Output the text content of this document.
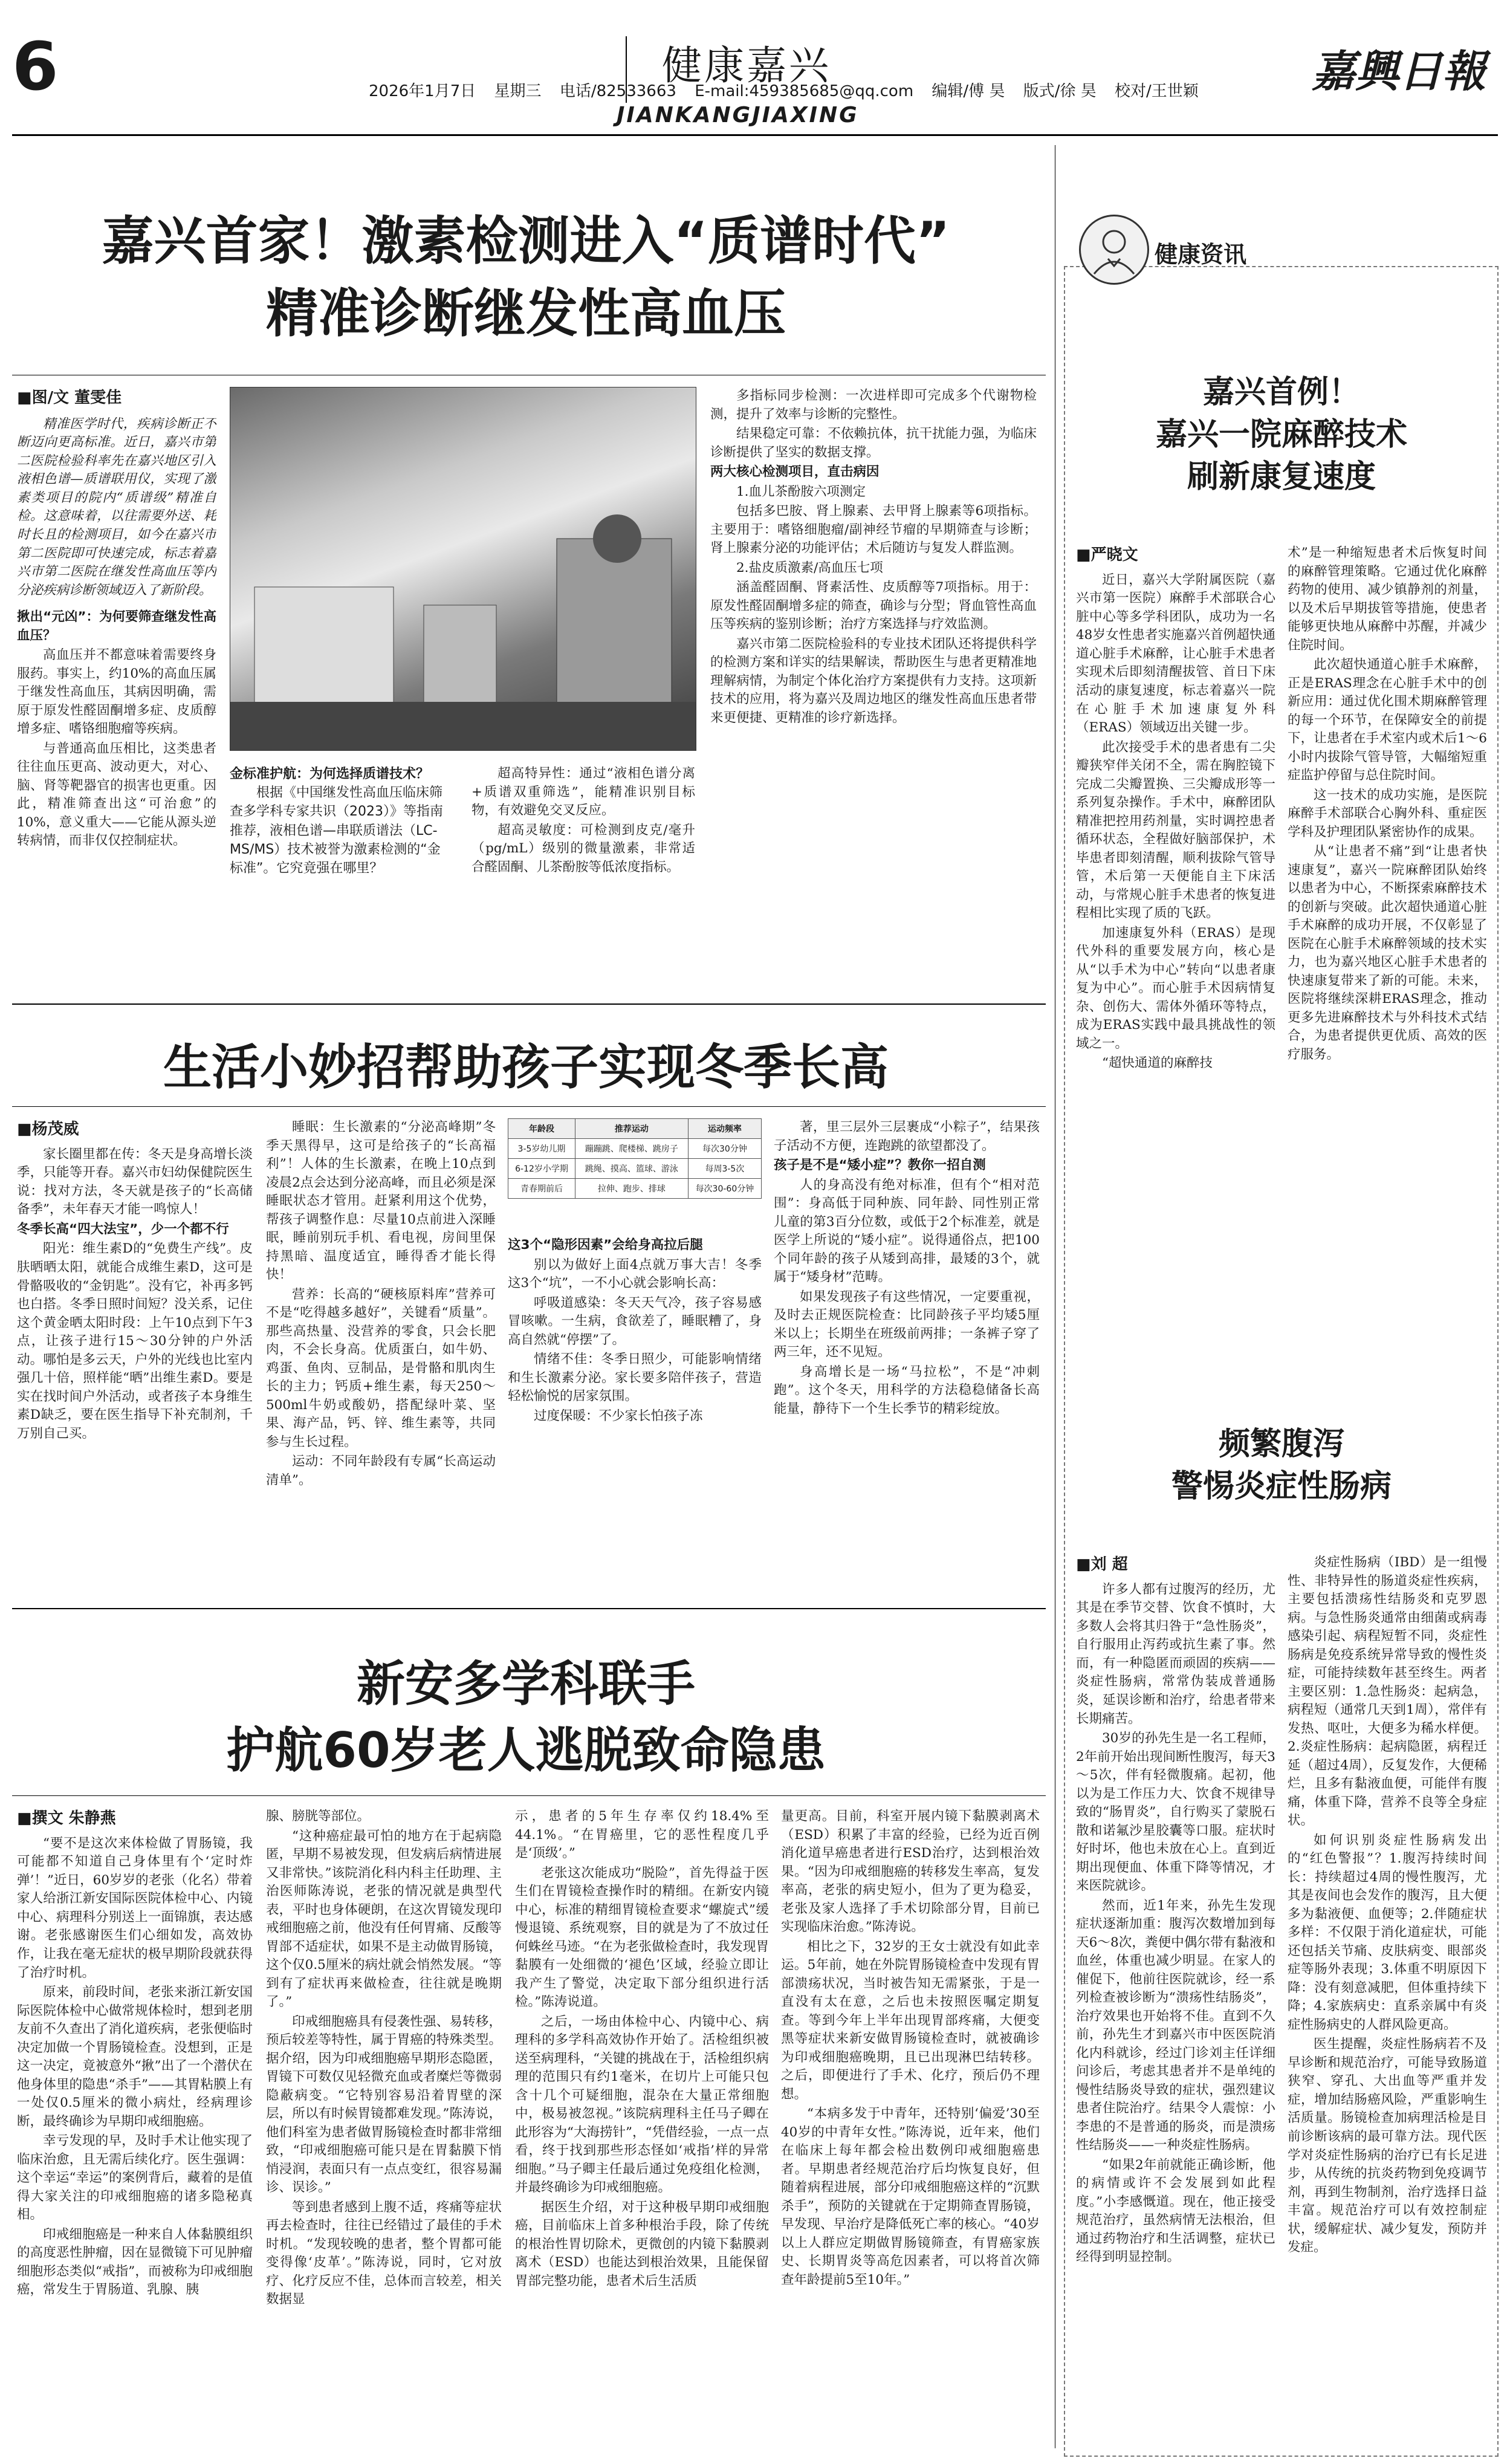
6	健康嘉兴
2026年1月7日 星期三 电话/82533663 E-mail:459385685@qq.com 编辑/傅 昊 版式/徐 昊 校对/王世颖
JIANKANGJIAXING
嘉興日報
嘉兴首家！激素检测进入“质谱时代”
精准诊断继发性高血压
■图/文 董雯佳

精准医学时代，疾病诊断正不断迈向更高标准。近日，嘉兴市第二医院检验科率先在嘉兴地区引入液相色谱—质谱联用仪，实现了激素类项目的院内“质谱级”精准自检。这意味着，以往需要外送、耗时长且的检测项目，如今在嘉兴市第二医院即可快速完成，标志着嘉兴市第二医院在继发性高血压等内分泌疾病诊断领域迈入了新阶段。

揪出“元凶”：为何要筛查继发性高血压？

高血压并不都意味着需要终身服药。事实上，约10%的高血压属于继发性高血压，其病因明确，需原于原发性醛固酮增多症、皮质醇增多症、嗜铬细胞瘤等疾病。

与普通高血压相比，这类患者往往血压更高、波动更大，对心、脑、肾等靶器官的损害也更重。因此，精准筛查出这“可治愈”的10%，意义重大——它能从源头逆转病情，而非仅仅控制症状。

金标准护航：为何选择质谱技术？
根据《中国继发性高血压临床筛查多学科专家共识（2023）》等指南推荐，液相色谱—串联质谱法（LC-MS/MS）技术被誉为激素检测的“金标准”。它究竟强在哪里？

超高特异性：通过“液相色谱分离+质谱双重筛选”，能精准识别目标物，有效避免交叉反应。

超高灵敏度：可检测到皮克/毫升（pg/mL）级别的微量激素，非常适合醛固酮、儿茶酚胺等低浓度指标。

多指标同步检测：一次进样即可完成多个代谢物检测，提升了效率与诊断的完整性。

结果稳定可靠：不依赖抗体，抗干扰能力强，为临床诊断提供了坚实的数据支撑。

两大核心检测项目，直击病因

1.血儿茶酚胺六项测定

包括多巴胺、肾上腺素、去甲肾上腺素等6项指标。主要用于：嗜铬细胞瘤/副神经节瘤的早期筛查与诊断；肾上腺素分泌的功能评估；术后随访与复发人群监测。

2.盐皮质激素/高血压七项

涵盖醛固酮、肾素活性、皮质醇等7项指标。用于：原发性醛固酮增多症的筛查，确诊与分型；肾血管性高血压等疾病的鉴别诊断；治疗方案选择与疗效监测。

嘉兴市第二医院检验科的专业技术团队还将提供科学的检测方案和详实的结果解读，帮助医生与患者更精准地理解病情，为制定个体化治疗方案提供有力支持。这项新技术的应用，将为嘉兴及周边地区的继发性高血压患者带来更便捷、更精准的诊疗新选择。

生活小妙招帮助孩子实现冬季长高
■杨茂威

家长圈里都在传：冬天是身高增长淡季，只能等开春。嘉兴市妇幼保健院医生说：找对方法，冬天就是孩子的“长高储备季”，未年春天才能一鸣惊人！

冬季长高“四大法宝”，少一个都不行

阳光：维生素D的“免费生产线”。皮肤晒晒太阳，就能合成维生素D，这可是骨骼吸收的“金钥匙”。没有它，补再多钙也白搭。冬季日照时间短？没关系，记住这个黄金晒太阳时段：上午10点到下午3点，让孩子进行15～30分钟的户外活动。哪怕是多云天，户外的光线也比室内强几十倍，照样能“晒”出维生素D。要是实在找时间户外活动，或者孩子本身维生素D缺乏，要在医生指导下补充制剂，千万别自己买。

睡眠：生长激素的“分泌高峰期”冬季天黑得早，这可是给孩子的“长高福利”！人体的生长激素，在晚上10点到凌晨2点会达到分泌高峰，而且必须是深睡眠状态才管用。赶紧利用这个优势，帮孩子调整作息：尽量10点前进入深睡眠，睡前别玩手机、看电视，房间里保持黑暗、温度适宜，睡得香才能长得快！

营养：长高的“硬核原料库”营养可不是“吃得越多越好”，关键看“质量”。那些高热量、没营养的零食，只会长肥肉，不会长身高。优质蛋白，如牛奶、鸡蛋、鱼肉、豆制品，是骨骼和肌肉生长的主力；钙质+维生素，每天250～500ml牛奶或酸奶，搭配绿叶菜、坚果、海产品，钙、锌、维生素等，共同参与生长过程。

运动：不同年龄段有专属“长高运动清单”。

年龄段	推荐运动	运动频率
3-5岁幼儿期	蹦蹦跳、爬楼梯、跳房子	每次30分钟
6-12岁小学期	跳绳、摸高、篮球、游泳	每周3-5次
青春期前后	拉伸、跑步、排球	每次30-60分钟

这3个“隐形因素”会给身高拉后腿

别以为做好上面4点就万事大吉！冬季这3个“坑”，一不小心就会影响长高：

呼吸道感染：冬天天气冷，孩子容易感冒咳嗽。一生病，食欲差了，睡眠糟了，身高自然就“停摆”了。

情绪不佳：冬季日照少，可能影响情绪和生长激素分泌。家长要多陪伴孩子，营造轻松愉悦的居家氛围。

过度保暖：不少家长怕孩子冻

著，里三层外三层裹成“小粽子”，结果孩子活动不方便，连跑跳的欲望都没了。

孩子是不是“矮小症”？教你一招自测

人的身高没有绝对标准，但有个“相对范围”：身高低于同种族、同年龄、同性别正常儿童的第3百分位数，或低于2个标准差，就是医学上所说的“矮小症”。说得通俗点，把100个同年龄的孩子从矮到高排，最矮的3个，就属于“矮身材”范畴。

如果发现孩子有这些情况，一定要重视，及时去正规医院检查：比同龄孩子平均矮5厘米以上；长期坐在班级前两排；一条裤子穿了两三年，还不见短。

身高增长是一场“马拉松”，不是“冲刺跑”。这个冬天，用科学的方法稳稳储备长高能量，静待下一个生长季节的精彩绽放。

新安多学科联手
护航60岁老人逃脱致命隐患
■撰文 朱静燕

“要不是这次来体检做了胃肠镜，我可能都不知道自己身体里有个‘定时炸弹’！”近日，60岁岁的老张（化名）带着家人给浙江新安国际医院体检中心、内镜中心、病理科分别送上一面锦旗，表达感谢。老张感谢医生们心细如发，高效协作，让我在毫无症状的极早期阶段就获得了治疗时机。

原来，前段时间，老张来浙江新安国际医院体检中心做常规体检时，想到老朋友前不久查出了消化道疾病，老张便临时决定加做一个胃肠镜检查。没想到，正是这一决定，竟被意外“揪”出了一个潜伏在他身体里的隐患“杀手”——其胃粘膜上有一处仅0.5厘米的微小病灶，经病理诊断，最终确诊为早期印戒细胞癌。

幸亏发现的早，及时手术让他实现了临床治愈，且无需后续化疗。医生强调：这个幸运“幸运”的案例背后，藏着的是值得大家关注的印戒细胞癌的诸多隐秘真相。

印戒细胞癌是一种来自人体黏膜组织的高度恶性肿瘤，因在显微镜下可见肿瘤细胞形态类似“戒指”，而被称为印戒细胞癌，常发生于胃肠道、乳腺、胰

腺、膀胱等部位。

“这种癌症最可怕的地方在于起病隐匿，早期不易被发现，但发病后病情进展又非常快。”该院消化科内科主任助理、主治医师陈涛说，老张的情况就是典型代表，平时也身体硬朗，在这次胃镜发现印戒细胞癌之前，他没有任何胃痛、反酸等胃部不适症状，如果不是主动做胃肠镜，这个仅0.5厘米的病灶就会悄然发展。“等到有了症状再来做检查，往往就是晚期了。”

印戒细胞癌具有侵袭性强、易转移，预后较差等特性，属于胃癌的特殊类型。据介绍，因为印戒细胞癌早期形态隐匿，胃镜下可数仅见轻微充血或者糜烂等微弱隐蔽病变。“它特别容易沿着胃壁的深层，所以有时候胃镜都难发现。”陈涛说，他们科室为患者做胃肠镜检查时都非常细致，“印戒细胞癌可能只是在胃黏膜下悄悄浸润，表面只有一点点变红，很容易漏诊、误诊。”

等到患者感到上腹不适，疼痛等症状再去检查时，往往已经错过了最佳的手术时机。“发现较晚的患者，整个胃都可能变得像‘皮革’。”陈涛说，同时，它对放疗、化疗反应不佳，总体而言较差，相关数据显

示，患者的5年生存率仅约18.4%至44.1%。“在胃癌里，它的恶性程度几乎是‘顶级’。”

老张这次能成功“脱险”，首先得益于医生们在胃镜检查操作时的精细。在新安内镜中心，标准的精细胃镜检查要求“螺旋式”缓慢退镜、系统观察，目的就是为了不放过任何蛛丝马迹。“在为老张做检查时，我发现胃黏膜有一处细微的‘褪色’区域，经验立即让我产生了警觉，决定取下部分组织进行活检。”陈涛说道。

之后，一场由体检中心、内镜中心、病理科的多学科高效协作开始了。活检组织被送至病理科，“关键的挑战在于，活检组织病理的范围只有约1毫米，在切片上可能只包含十几个可疑细胞，混杂在大量正常细胞中，极易被忽视。”该院病理科主任马子卿在此形容为“大海捞针”，“凭借经验，一点一点看，终于找到那些形态怪如‘戒指’样的异常细胞。”马子卿主任最后通过免疫组化检测，并最终确诊为印戒细胞癌。

据医生介绍，对于这种极早期印戒细胞癌，目前临床上首多种根治手段，除了传统的根治性胃切除术，更微创的内镜下黏膜剥离术（ESD）也能达到根治效果，且能保留胃部完整功能，患者术后生活质

量更高。目前，科室开展内镜下黏膜剥离术（ESD）积累了丰富的经验，已经为近百例消化道早癌患者进行ESD治疗，达到根治效果。“因为印戒细胞癌的转移发生率高，复发率高，老张的病史短小，但为了更为稳妥，老张及家人选择了手术切除部分胃，目前已实现临床治愈。”陈涛说。

相比之下，32岁的王女士就没有如此幸运。5年前，她在外院胃肠镜检查中发现有胃部溃疡状况，当时被告知无需紧张，于是一直没有太在意，之后也未按照医嘱定期复查。等到今年上半年出现胃部疼痛，大便变黑等症状来新安做胃肠镜检查时，就被确诊为印戒细胞癌晚期，且已出现淋巴结转移。之后，即便进行了手术、化疗，预后仍不理想。

“本病多发于中青年，还特别‘偏爱’30至40岁的中青年女性。”陈涛说，近年来，他们在临床上每年都会检出数例印戒细胞癌患者。早期患者经规范治疗后均恢复良好，但随着病程进展，部分印戒细胞癌这样的“沉默杀手”，预防的关键就在于定期筛查胃肠镜，早发现、早治疗是降低死亡率的核心。“40岁以上人群应定期做胃肠镜筛查，有胃癌家族史、长期胃炎等高危因素者，可以将首次筛查年龄提前5至10年。”

健康资讯
嘉兴首例！
嘉兴一院麻醉技术
刷新康复速度
■严晓文

近日，嘉兴大学附属医院（嘉兴市第一医院）麻醉手术部联合心脏中心等多学科团队，成功为一名48岁女性患者实施嘉兴首例超快通道心脏手术麻醉，让心脏手术患者实现术后即刻清醒拔管、首日下床活动的康复速度，标志着嘉兴一院在心脏手术加速康复外科（ERAS）领域迈出关键一步。

此次接受手术的患者患有二尖瓣狭窄伴关闭不全，需在胸腔镜下完成二尖瓣置换、三尖瓣成形等一系列复杂操作。手术中，麻醉团队精准把控用药剂量，实时调控患者循环状态，全程做好脑部保护，术毕患者即刻清醒，顺利拔除气管导管，术后第一天便能自主下床活动，与常规心脏手术患者的恢复进程相比实现了质的飞跃。

加速康复外科（ERAS）是现代外科的重要发展方向，核心是从“以手术为中心”转向“以患者康复为中心”。而心脏手术因病情复杂、创伤大、需体外循环等特点，成为ERAS实践中最具挑战性的领域之一。

“超快通道的麻醉技

术”是一种缩短患者术后恢复时间的麻醉管理策略。它通过优化麻醉药物的使用、减少镇静剂的剂量，以及术后早期拔管等措施，使患者能够更快地从麻醉中苏醒，并减少住院时间。

此次超快通道心脏手术麻醉，正是ERAS理念在心脏手术中的创新应用：通过优化围术期麻醉管理的每一个环节，在保障安全的前提下，让患者在手术室内或术后1～6小时内拔除气管导管，大幅缩短重症监护停留与总住院时间。

这一技术的成功实施，是医院麻醉手术部联合心胸外科、重症医学科及护理团队紧密协作的成果。

从“让患者不痛”到“让患者快速康复”，嘉兴一院麻醉团队始终以患者为中心，不断探索麻醉技术的创新与突破。此次超快通道心脏手术麻醉的成功开展，不仅彰显了医院在心脏手术麻醉领域的技术实力，也为嘉兴地区心脏手术患者的快速康复带来了新的可能。未来，医院将继续深耕ERAS理念，推动更多先进麻醉技术与外科技术式结合，为患者提供更优质、高效的医疗服务。

频繁腹泻
警惕炎症性肠病
■刘 超

许多人都有过腹泻的经历，尤其是在季节交替、饮食不慎时，大多数人会将其归咎于“急性肠炎”，自行服用止泻药或抗生素了事。然而，有一种隐匿而顽固的疾病——炎症性肠病，常常伪装成普通肠炎，延误诊断和治疗，给患者带来长期痛苦。

30岁的孙先生是一名工程师，2年前开始出现间断性腹泻，每天3～5次，伴有轻微腹痛。起初，他以为是工作压力大、饮食不规律导致的“肠胃炎”，自行购买了蒙脱石散和诺氟沙星胶囊等口服。症状时好时坏，他也未放在心上。直到近期出现便血、体重下降等情况，才来医院就诊。

然而，近1年来，孙先生发现症状逐渐加重：腹泻次数增加到每天6～8次，粪便中偶尔带有黏液和血丝，体重也减少明显。在家人的催促下，他前往医院就诊，经一系列检查被诊断为“溃疡性结肠炎”，治疗效果也开始将不佳。直到不久前，孙先生才到嘉兴市中医医院消化内科就诊，经过门诊刘主任详细问诊后，考虑其患者并不是单纯的慢性结肠炎导致的症状，强烈建议患者住院治疗。结果令人震惊：小李患的不是普通的肠炎，而是溃疡性结肠炎——一种炎症性肠病。

“如果2年前就能正确诊断，他的病情或许不会发展到如此程度。”小李感慨道。现在，他正接受规范治疗，虽然病情无法根治，但通过药物治疗和生活调整，症状已经得到明显控制。

炎症性肠病（IBD）是一组慢性、非特异性的肠道炎症性疾病，主要包括溃疡性结肠炎和克罗恩病。与急性肠炎通常由细菌或病毒感染引起、病程短暂不同，炎症性肠病是免疫系统异常导致的慢性炎症，可能持续数年甚至终生。两者主要区别：1.急性肠炎：起病急，病程短（通常几天到1周），常伴有发热、呕吐，大便多为稀水样便。2.炎症性肠病：起病隐匿，病程迁延（超过4周），反复发作，大便稀烂，且多有黏液血便，可能伴有腹痛，体重下降，营养不良等全身症状。

如何识别炎症性肠病发出的“红色警报”？1.腹泻持续时间长：持续超过4周的慢性腹泻，尤其是夜间也会发作的腹泻，且大便多为黏液便、血便等；2.伴随症状多样：不仅限于消化道症状，可能还包括关节痛、皮肤病变、眼部炎症等肠外表现；3.体重不明原因下降：没有刻意减肥，但体重持续下降；4.家族病史：直系亲属中有炎症性肠病史的人群风险更高。

医生提醒，炎症性肠病若不及早诊断和规范治疗，可能导致肠道狭窄、穿孔、大出血等严重并发症，增加结肠癌风险，严重影响生活质量。肠镜检查加病理活检是目前诊断该病的最可靠方法。现代医学对炎症性肠病的治疗已有长足进步，从传统的抗炎药物到免疫调节剂，再到生物制剂，治疗选择日益丰富。规范治疗可以有效控制症状，缓解症状、减少复发，预防并发症。
